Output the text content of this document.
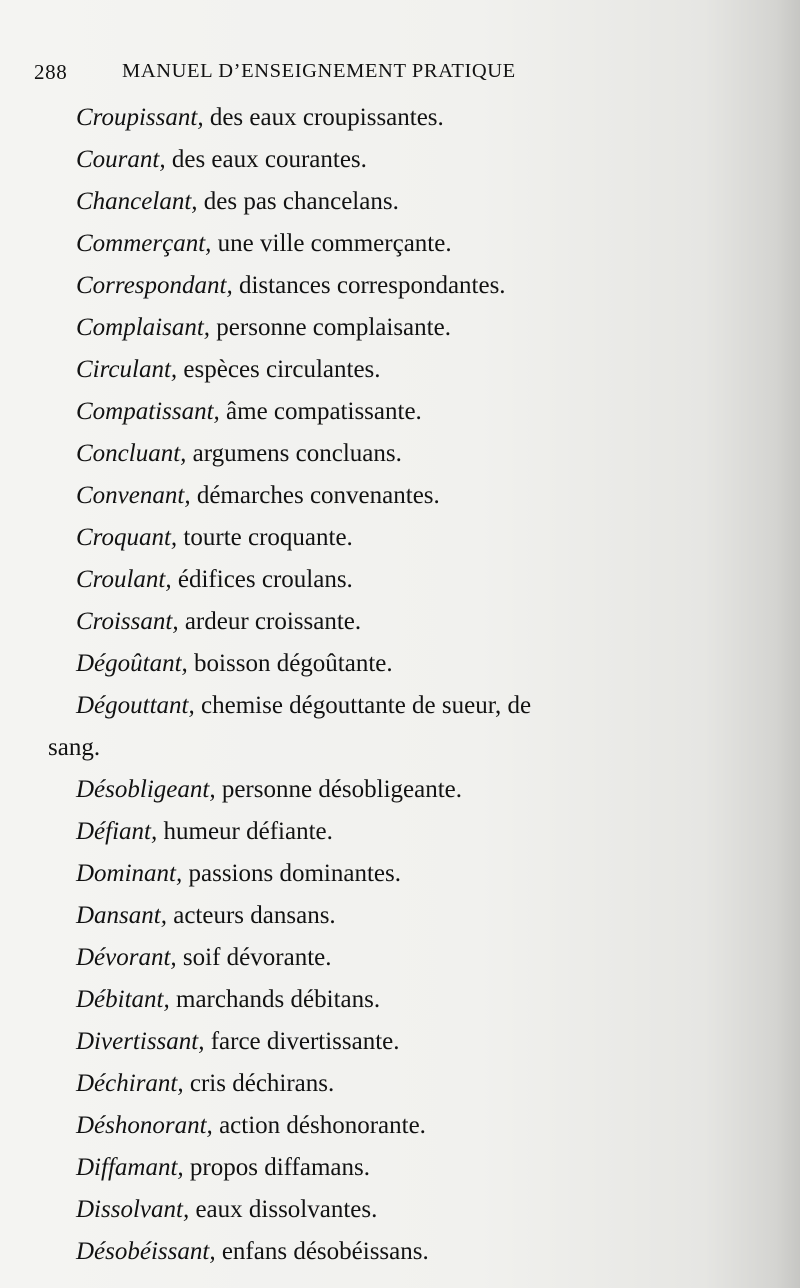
288	MANUEL D’ENSEIGNEMENT PRATIQUE
Croupissant, des eaux croupissantes.
Courant, des eaux courantes.
Chancelant, des pas chancelans.
Commerçant, une ville commerçante.
Correspondant, distances correspondantes.
Complaisant, personne complaisante.
Circulant, espèces circulantes.
Compatissant, âme compatissante.
Concluant, argumens concluans.
Convenant, démarches convenantes.
Croquant, tourte croquante.
Croulant, édifices croulans.
Croissant, ardeur croissante.
Dégoûtant, boisson dégoûtante.
Dégouttant, chemise dégouttante de sueur, de
sang.
Désobligeant, personne désobligeante.
Défiant, humeur défiante.
Dominant, passions dominantes.
Dansant, acteurs dansans.
Dévorant, soif dévorante.
Débitant, marchands débitans.
Divertissant, farce divertissante.
Déchirant, cris déchirans.
Déshonorant, action déshonorante.
Diffamant, propos diffamans.
Dissolvant, eaux dissolvantes.
Désobéissant, enfans désobéissans.
